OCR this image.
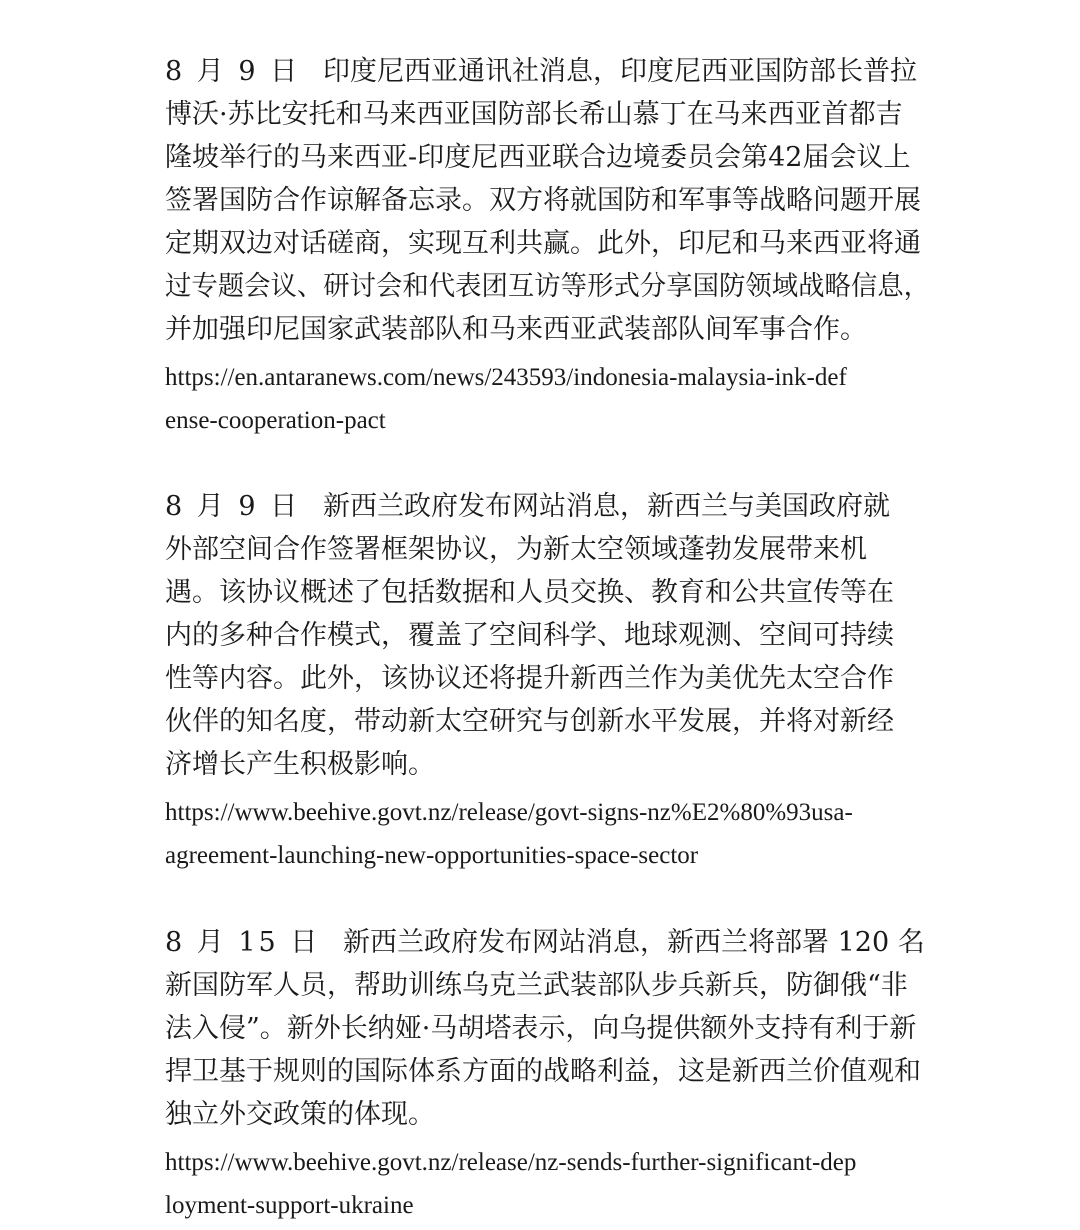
8 月 9 日 印度尼西亚通讯社消息，印度尼西亚国防部长普拉
博沃·苏比安托和马来西亚国防部长希山慕丁在马来西亚首都吉
隆坡举行的马来西亚-印度尼西亚联合边境委员会第42届会议上
签署国防合作谅解备忘录。双方将就国防和军事等战略问题开展
定期双边对话磋商，实现互利共赢。此外，印尼和马来西亚将通
过专题会议、研讨会和代表团互访等形式分享国防领域战略信息，
并加强印尼国家武装部队和马来西亚武装部队间军事合作。
https://en.antaranews.com/news/243593/indonesia-malaysia-ink-def
ense-cooperation-pact
8 月 9 日 新西兰政府发布网站消息，新西兰与美国政府就
外部空间合作签署框架协议，为新太空领域蓬勃发展带来机
遇。该协议概述了包括数据和人员交换、教育和公共宣传等在
内的多种合作模式，覆盖了空间科学、地球观测、空间可持续
性等内容。此外，该协议还将提升新西兰作为美优先太空合作
伙伴的知名度，带动新太空研究与创新水平发展，并将对新经
济增长产生积极影响。
https://www.beehive.govt.nz/release/govt-signs-nz%E2%80%93usa-
agreement-launching-new-opportunities-space-sector
8 月 15 日 新西兰政府发布网站消息，新西兰将部署 120 名
新国防军人员，帮助训练乌克兰武装部队步兵新兵，防御俄“非
法入侵”。新外长纳娅·马胡塔表示，向乌提供额外支持有利于新
捍卫基于规则的国际体系方面的战略利益，这是新西兰价值观和
独立外交政策的体现。
https://www.beehive.govt.nz/release/nz-sends-further-significant-dep
loyment-support-ukraine
